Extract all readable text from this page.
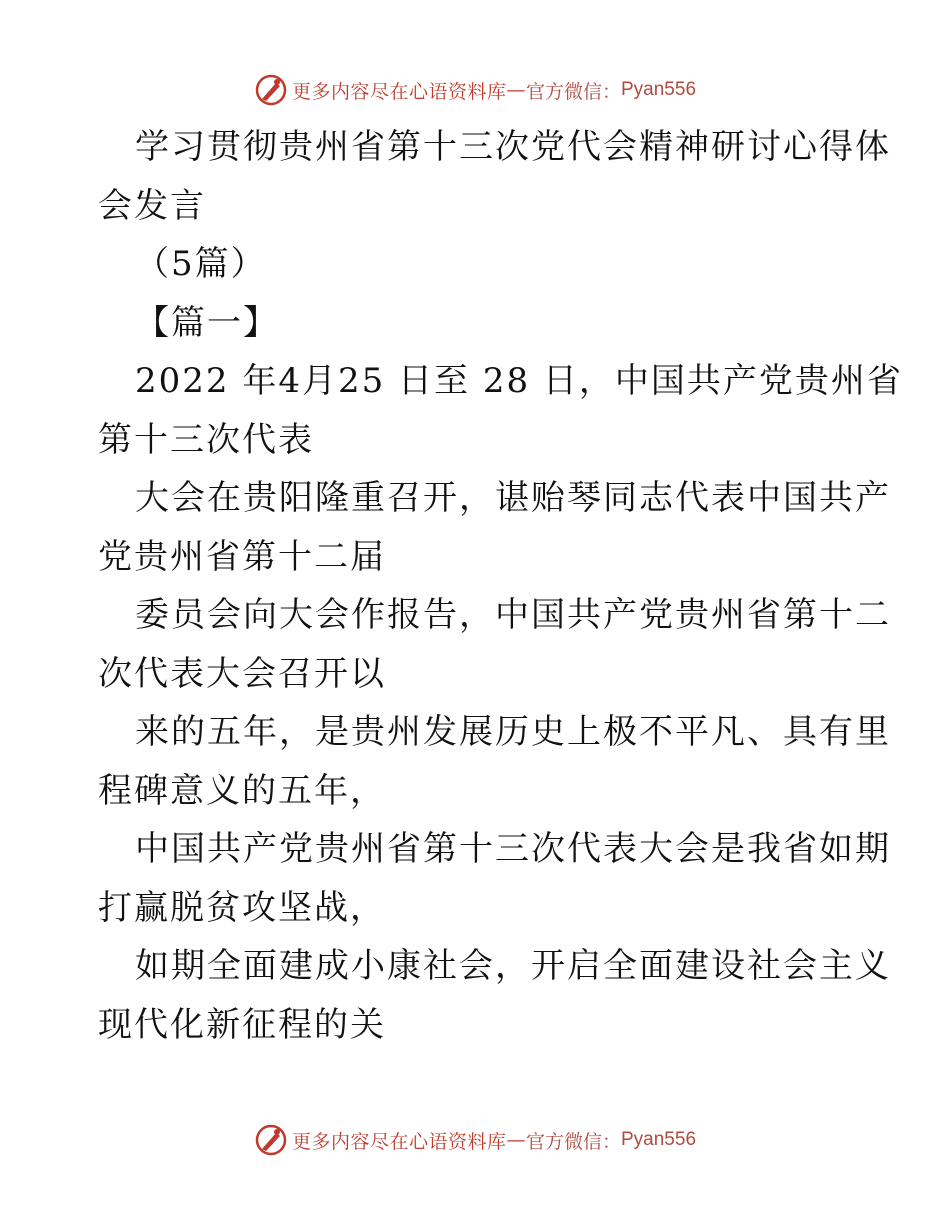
更多内容尽在心语资料库 — 官方微信： Pyan556
学习贯彻贵州省第十三次党代会精神研讨心得体
会发言
（5篇）
【篇一】
2022 年4月25 日至 28 日，中国共产党贵州省
第十三次代表
大会在贵阳隆重召开，谌贻琴同志代表中国共产
党贵州省第十二届
委员会向大会作报告，中国共产党贵州省第十二
次代表大会召开以
来的五年，是贵州发展历史上极不平凡、具有里
程碑意义的五年，
中国共产党贵州省第十三次代表大会是我省如期
打赢脱贫攻坚战，
如期全面建成小康社会，开启全面建设社会主义
现代化新征程的关
更多内容尽在心语资料库 — 官方微信： Pyan556
